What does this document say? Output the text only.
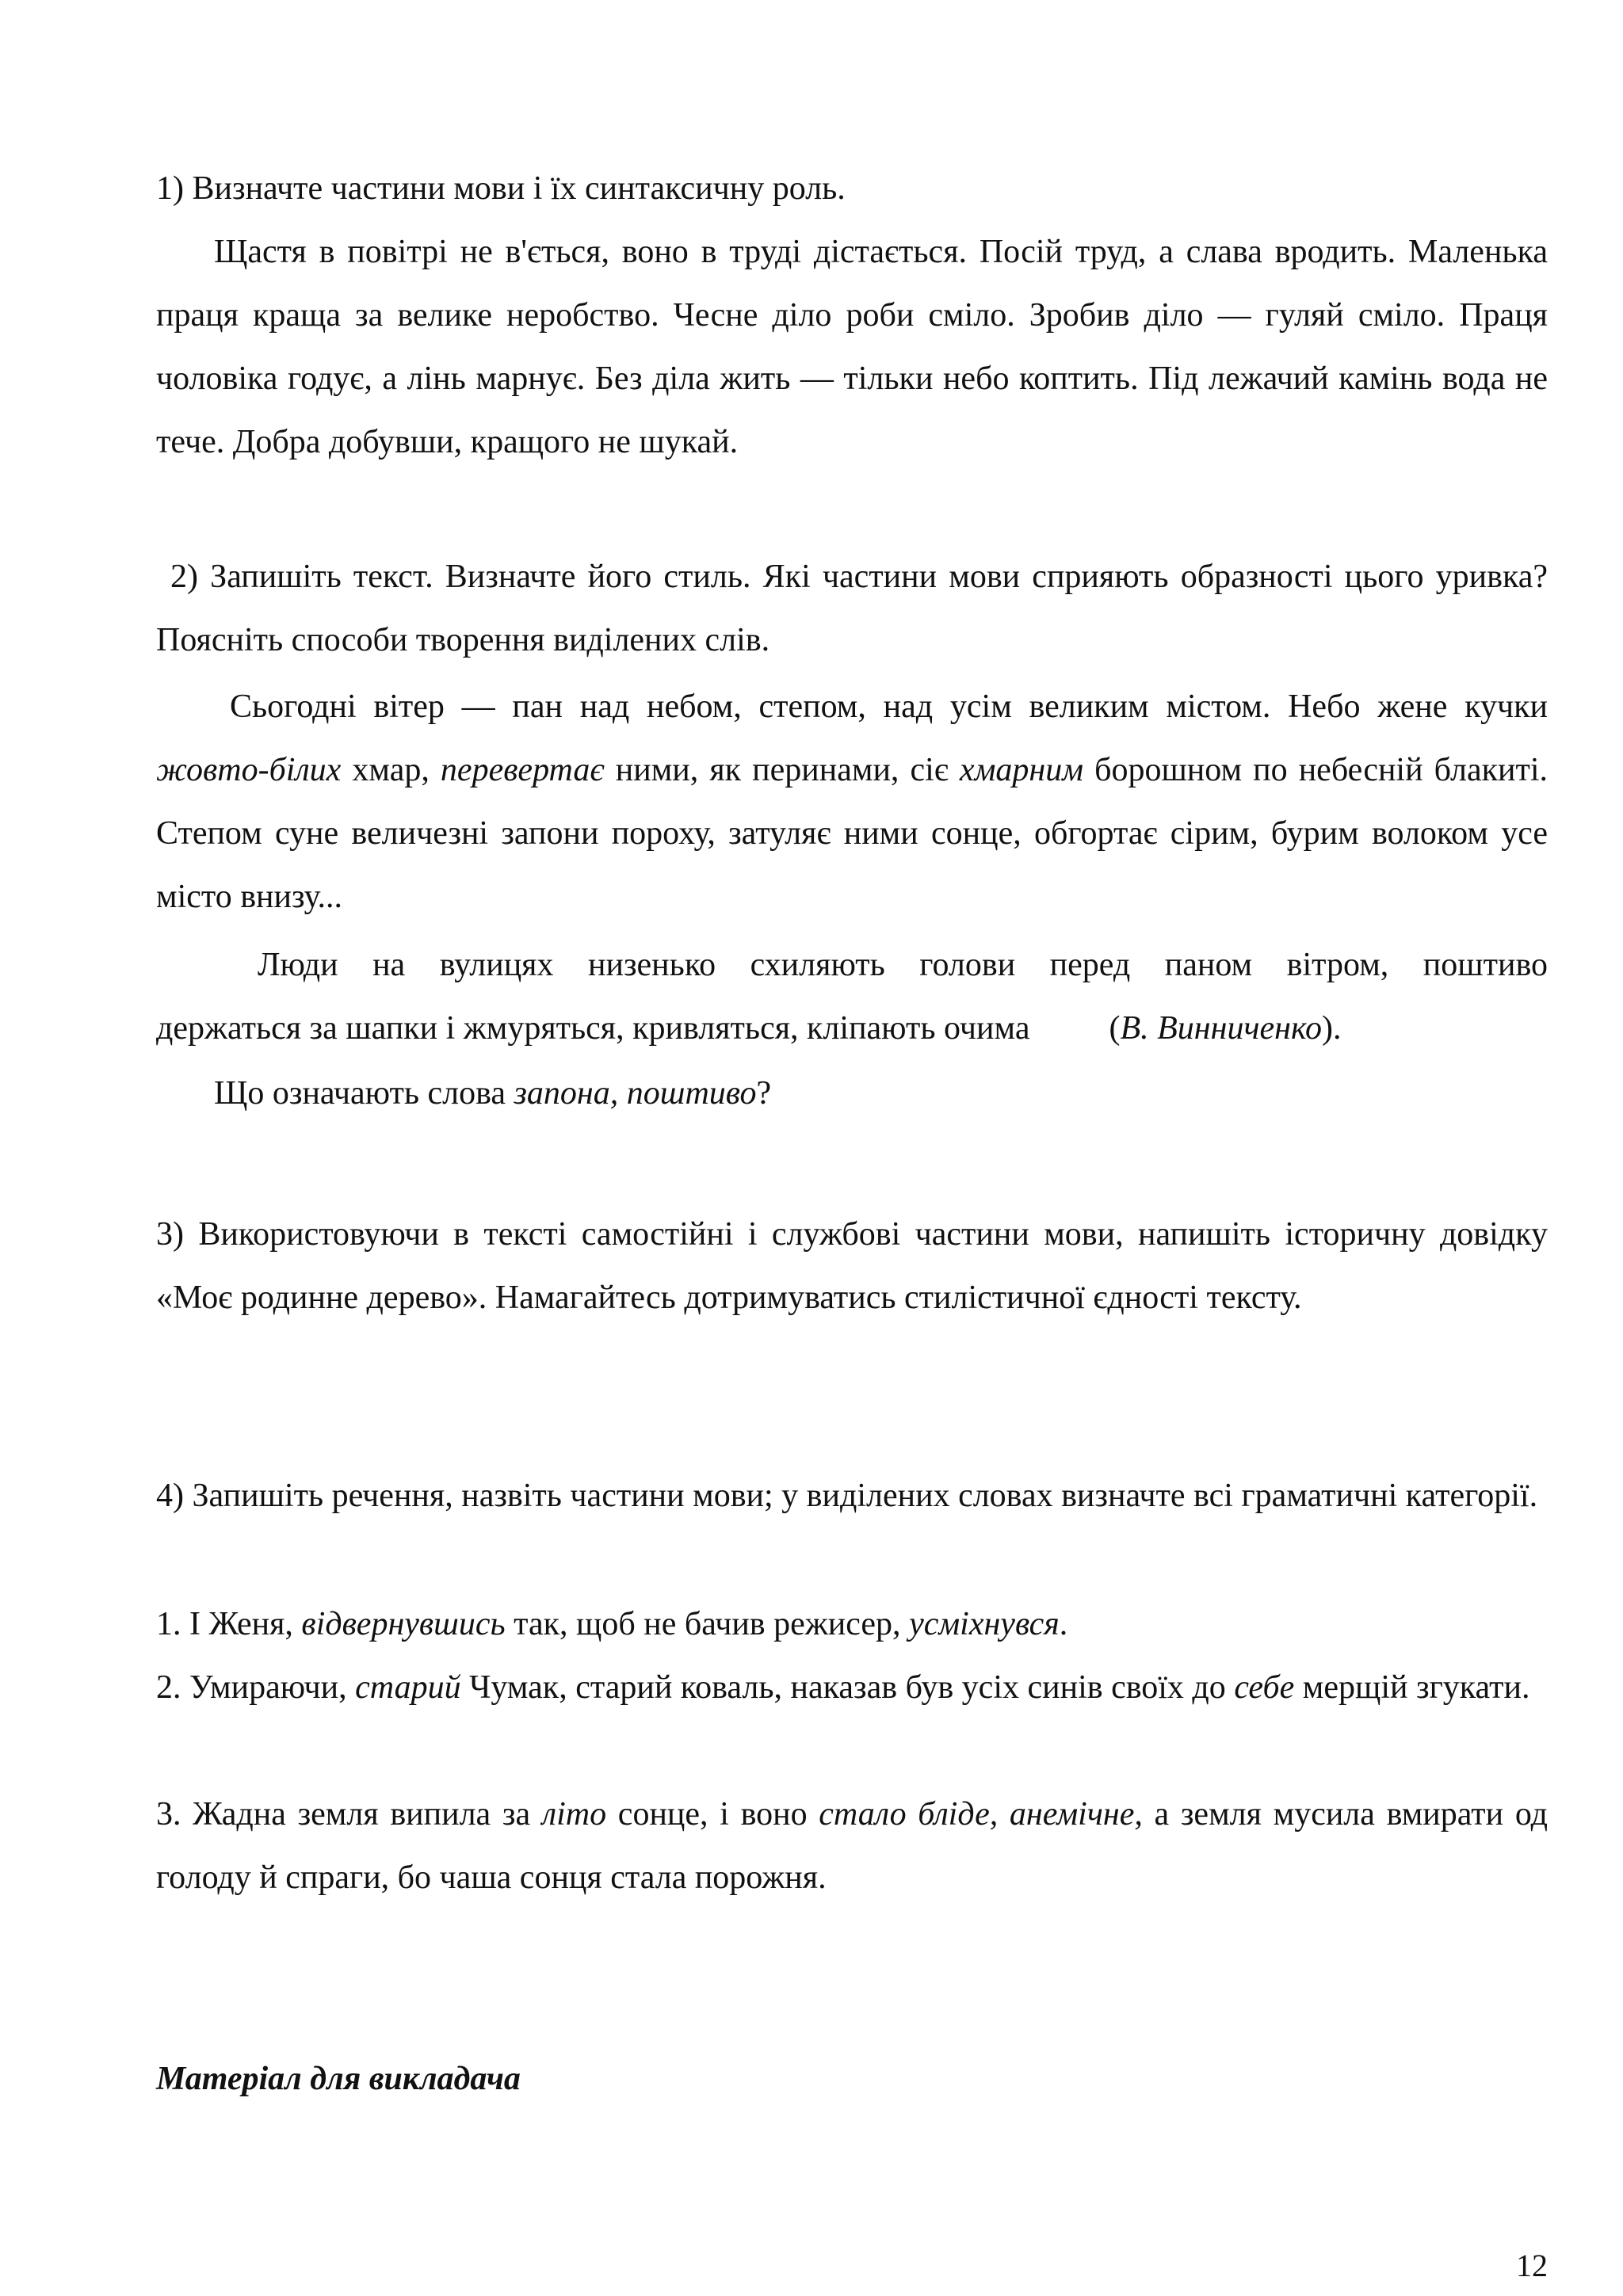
1) Визначте частини мови і їх синтаксичну роль.

Щастя в повітрі не в'ється, воно в труді дістається. Посій труд, а слава вродить. Маленька праця краща за велике неробство. Чесне діло роби сміло. Зробив діло — гуляй сміло. Праця чоловіка годує, а лінь марнує. Без діла жить — тільки небо коптить. Під лежачий камінь вода не тече. Добра добувши, кращого не шукай.

2) Запишіть текст. Визначте його стиль. Які частини мови сприяють образності цього уривка? Поясніть способи творення виділених слів.

Сьогодні вітер — пан над небом, степом, над усім великим містом. Небо жене кучки жовто-білих хмар, перевертає ними, як перинами, сіє хмарним борошном по небесній блакиті. Степом суне величезні запони пороху, затуляє ними сонце, обгортає сірим, бурим волоком усе місто внизу...

Люди на вулицях низенько схиляють голови перед паном вітром, поштиво
держаться за шапки і жмуряться, кривляться, кліпають очима (В. Винниченко).

Що означають слова запона, поштиво?

3) Використовуючи в тексті самостійні і службові частини мови, напишіть історичну довідку «Моє родинне дерево». Намагайтесь дотримуватись стилістичної єдності тексту.

4) Запишіть речення, назвіть частини мови; у виділених словах визначте всі граматичні категорії.

1. І Женя, відвернувшись так, щоб не бачив режисер, усміхнувся.

2. Умираючи, старий Чумак, старий коваль, наказав був усіх синів своїх до себе мерщій згукати.

3. Жадна земля випила за літо сонце, і воно стало бліде, анемічне, а земля мусила вмирати од голоду й спраги, бо чаша сонця стала порожня.

Матеріал для викладача

12
